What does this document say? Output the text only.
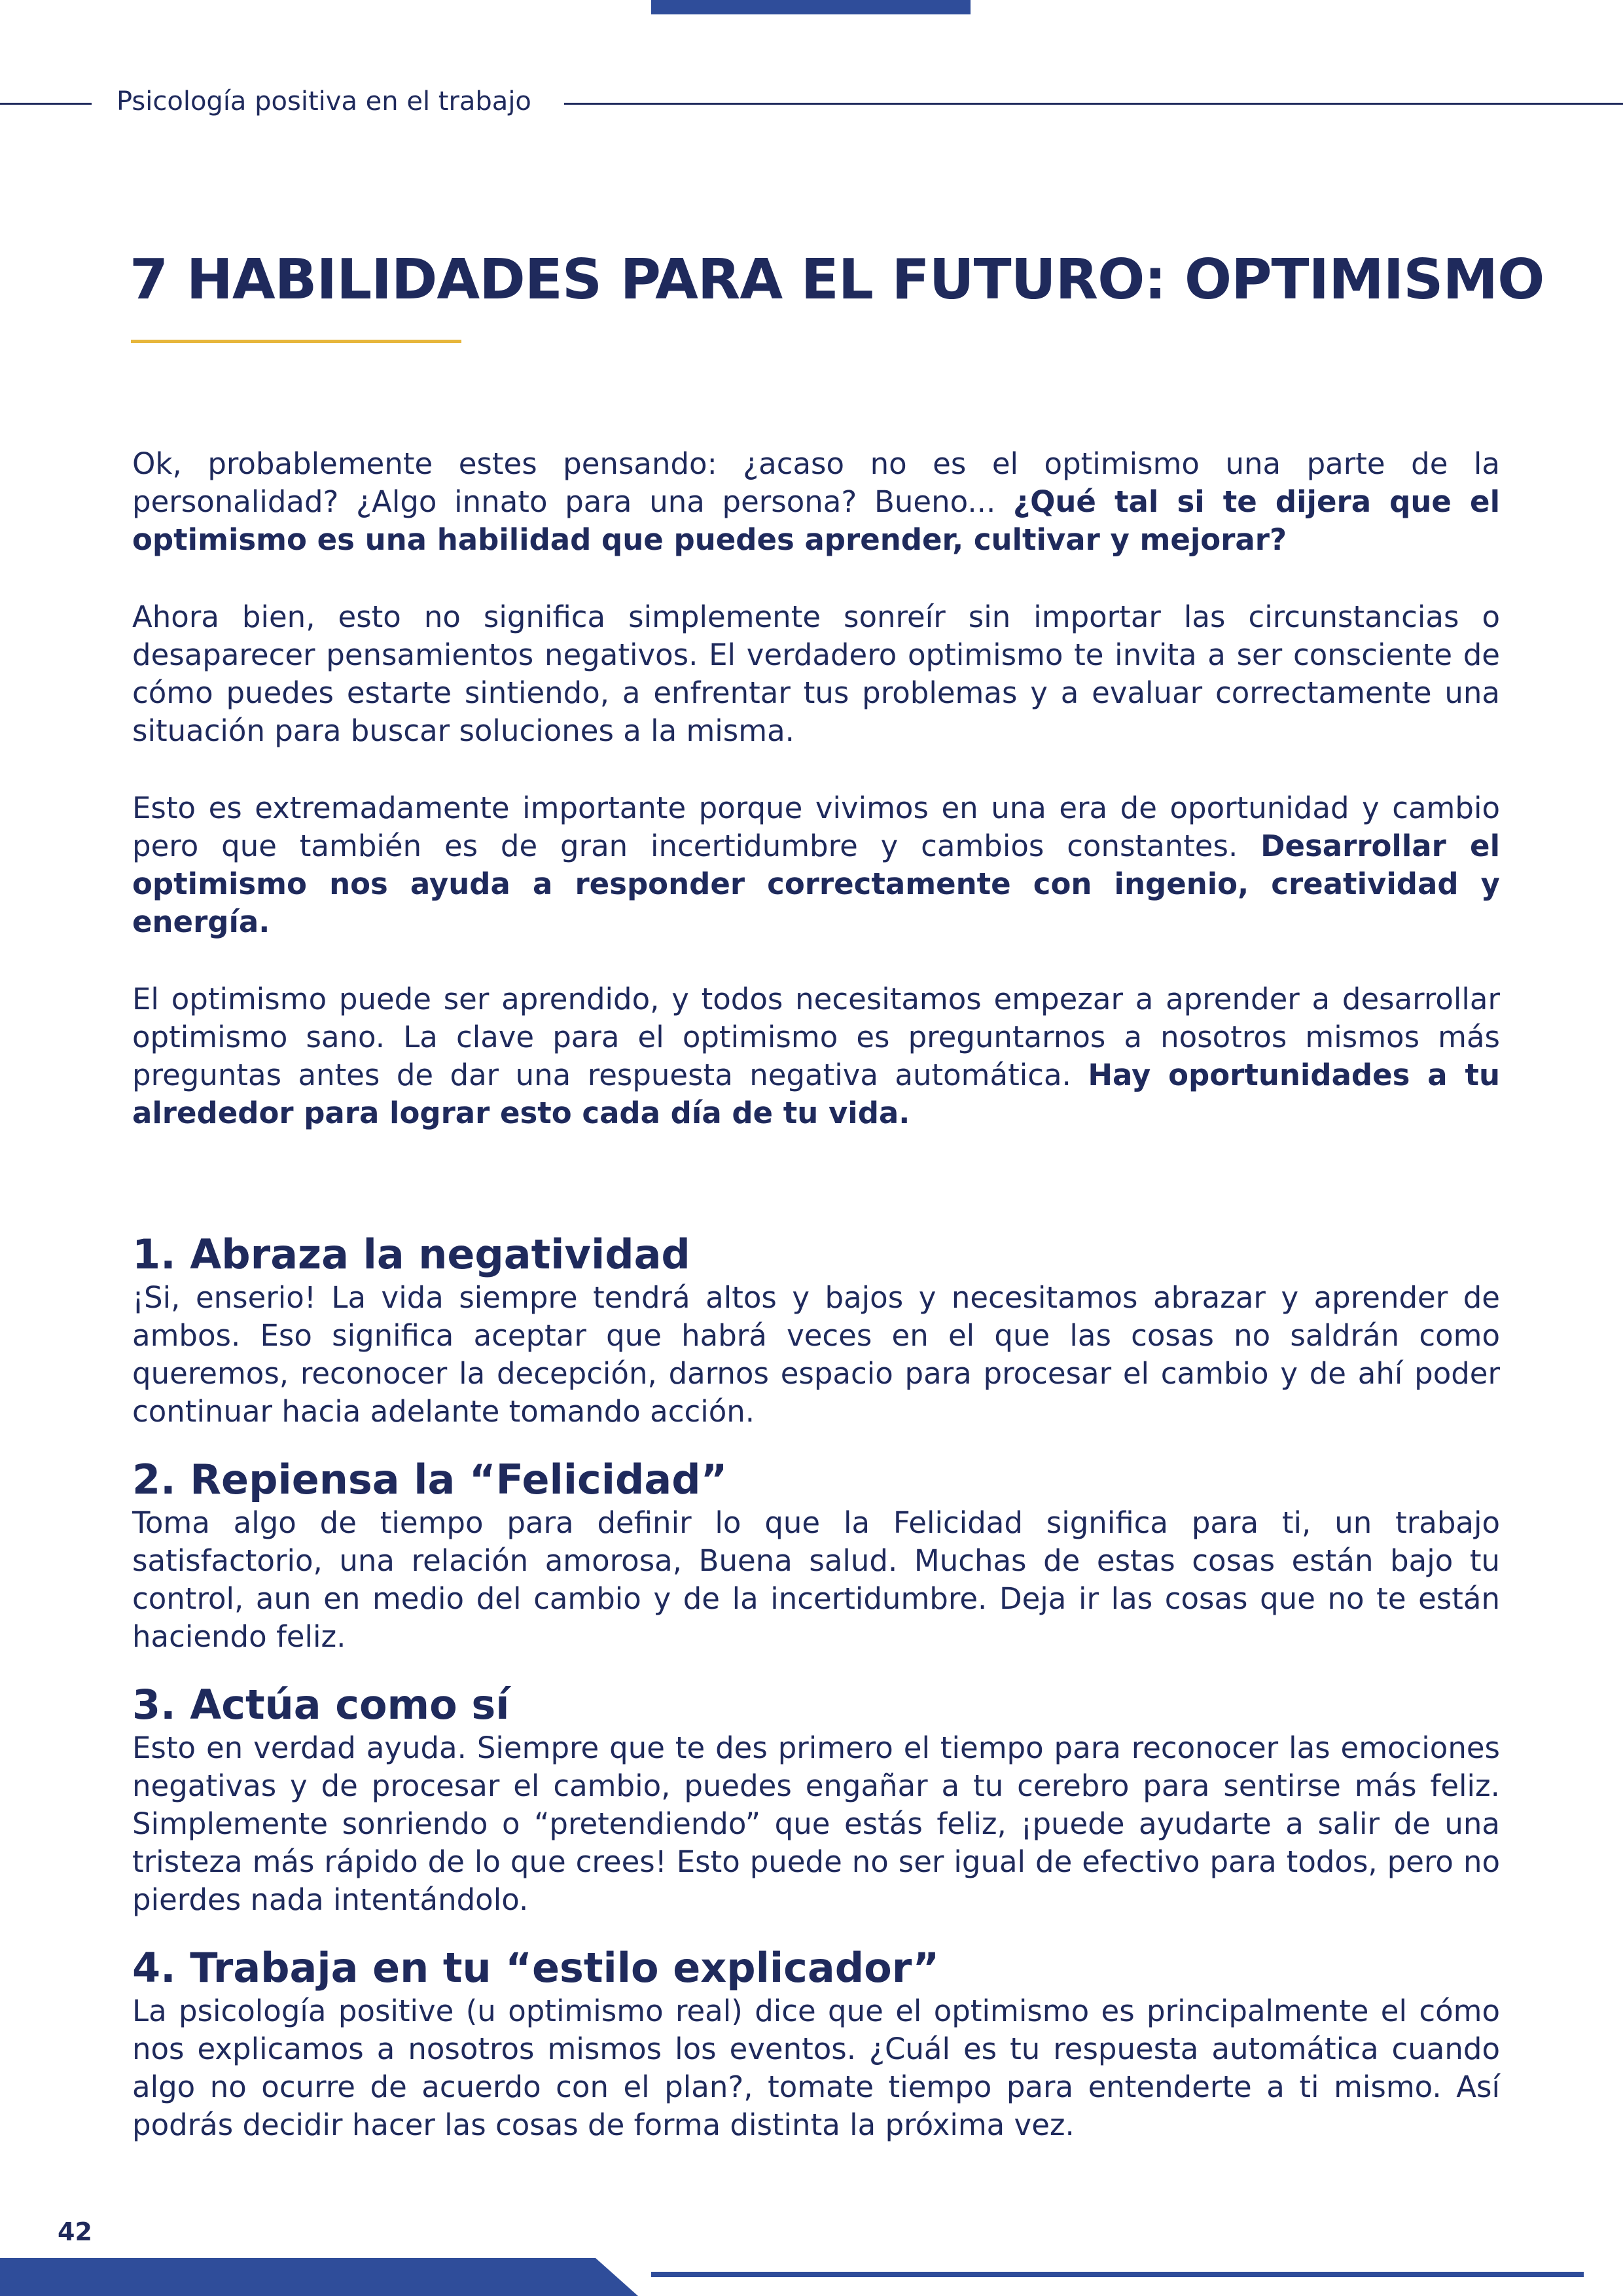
Psicología positiva en el trabajo
7 HABILIDADES PARA EL FUTURO: OPTIMISMO

Ok, probablemente estes pensando: ¿acaso no es el optimismo una parte de la personalidad? ¿Algo innato para una persona? Bueno... ¿Qué tal si te dijera que el optimismo es una habilidad que puedes aprender, cultivar y mejorar?

Ahora bien, esto no significa simplemente sonreír sin importar las circunstancias o desaparecer pensamientos negativos. El verdadero optimismo te invita a ser consciente de cómo puedes estarte sintiendo, a enfrentar tus problemas y a evaluar correctamente una situación para buscar soluciones a la misma.

Esto es extremadamente importante porque vivimos en una era de oportunidad y cambio pero que también es de gran incertidumbre y cambios constantes. Desarrollar el optimismo nos ayuda a responder correctamente con ingenio, creatividad y energía.

El optimismo puede ser aprendido, y todos necesitamos empezar a aprender a desarrollar optimismo sano. La clave para el optimismo es preguntarnos a nosotros mismos más preguntas antes de dar una respuesta negativa automática. Hay oportunidades a tu alrededor para lograr esto cada día de tu vida.

1. Abraza la negatividad

¡Si, enserio! La vida siempre tendrá altos y bajos y necesitamos abrazar y aprender de ambos. Eso significa aceptar que habrá veces en el que las cosas no saldrán como queremos, reconocer la decepción, darnos espacio para procesar el cambio y de ahí poder continuar hacia adelante tomando acción.

2. Repiensa la “Felicidad”

Toma algo de tiempo para definir lo que la Felicidad significa para ti, un trabajo satisfactorio, una relación amorosa, Buena salud. Muchas de estas cosas están bajo tu control, aun en medio del cambio y de la incertidumbre. Deja ir las cosas que no te están haciendo feliz.

3. Actúa como sí

Esto en verdad ayuda. Siempre que te des primero el tiempo para reconocer las emociones negativas y de procesar el cambio, puedes engañar a tu cerebro para sentirse más feliz. Simplemente sonriendo o “pretendiendo” que estás feliz, ¡puede ayudarte a salir de una tristeza más rápido de lo que crees! Esto puede no ser igual de efectivo para todos, pero no pierdes nada intentándolo.

4. Trabaja en tu “estilo explicador”

La psicología positive (u optimismo real) dice que el optimismo es principalmente el cómo nos explicamos a nosotros mismos los eventos. ¿Cuál es tu respuesta automática cuando algo no ocurre de acuerdo con el plan?, tomate tiempo para entenderte a ti mismo. Así podrás decidir hacer las cosas de forma distinta la próxima vez.

42
